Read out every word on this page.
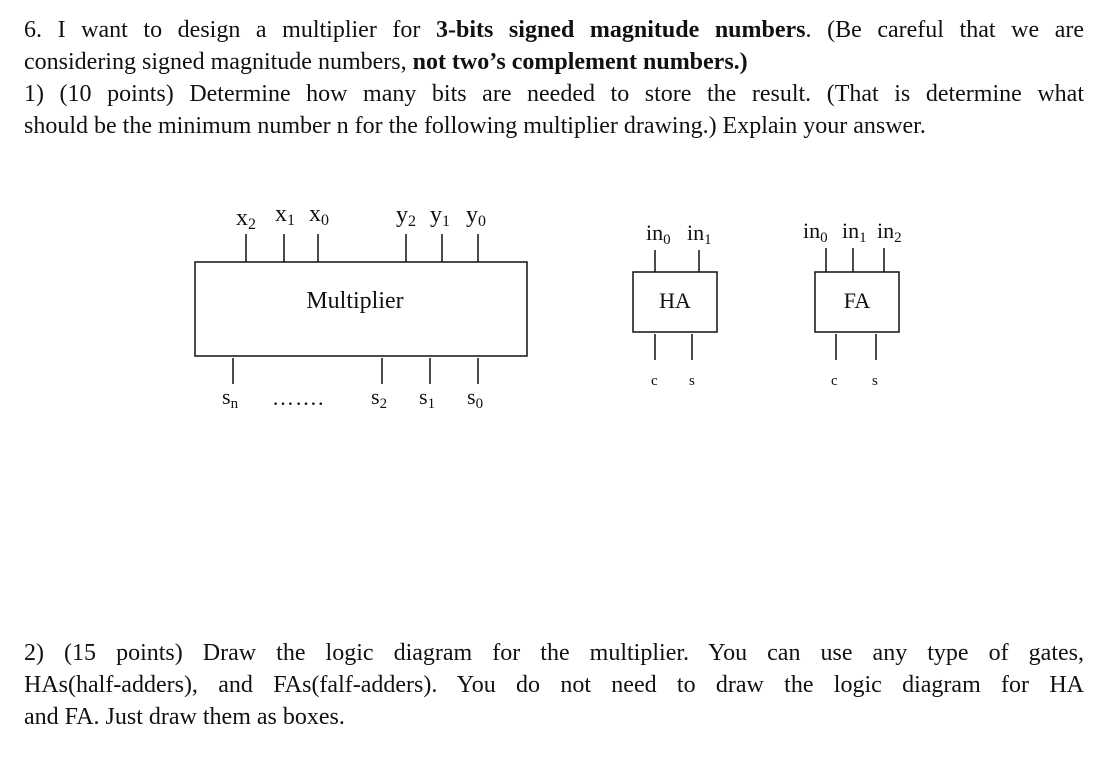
6. I want to design a multiplier for 3-bits signed magnitude numbers. (Be careful that we are
considering signed magnitude numbers, not two’s complement numbers.)
1) (10 points) Determine how many bits are needed to store the result. (That is determine what
should be the minimum number n for the following multiplier drawing.) Explain your answer.
Multiplier
x2 x1 x0	y2 y1 y0
sn ……. s2 s1 s0
in0 in1
HA
c s
in0 in1 in2
FA
c s
2) (15 points) Draw the logic diagram for the multiplier. You can use any type of gates,
HAs(half-adders), and FAs(falf-adders). You do not need to draw the logic diagram for HA
and FA. Just draw them as boxes.
